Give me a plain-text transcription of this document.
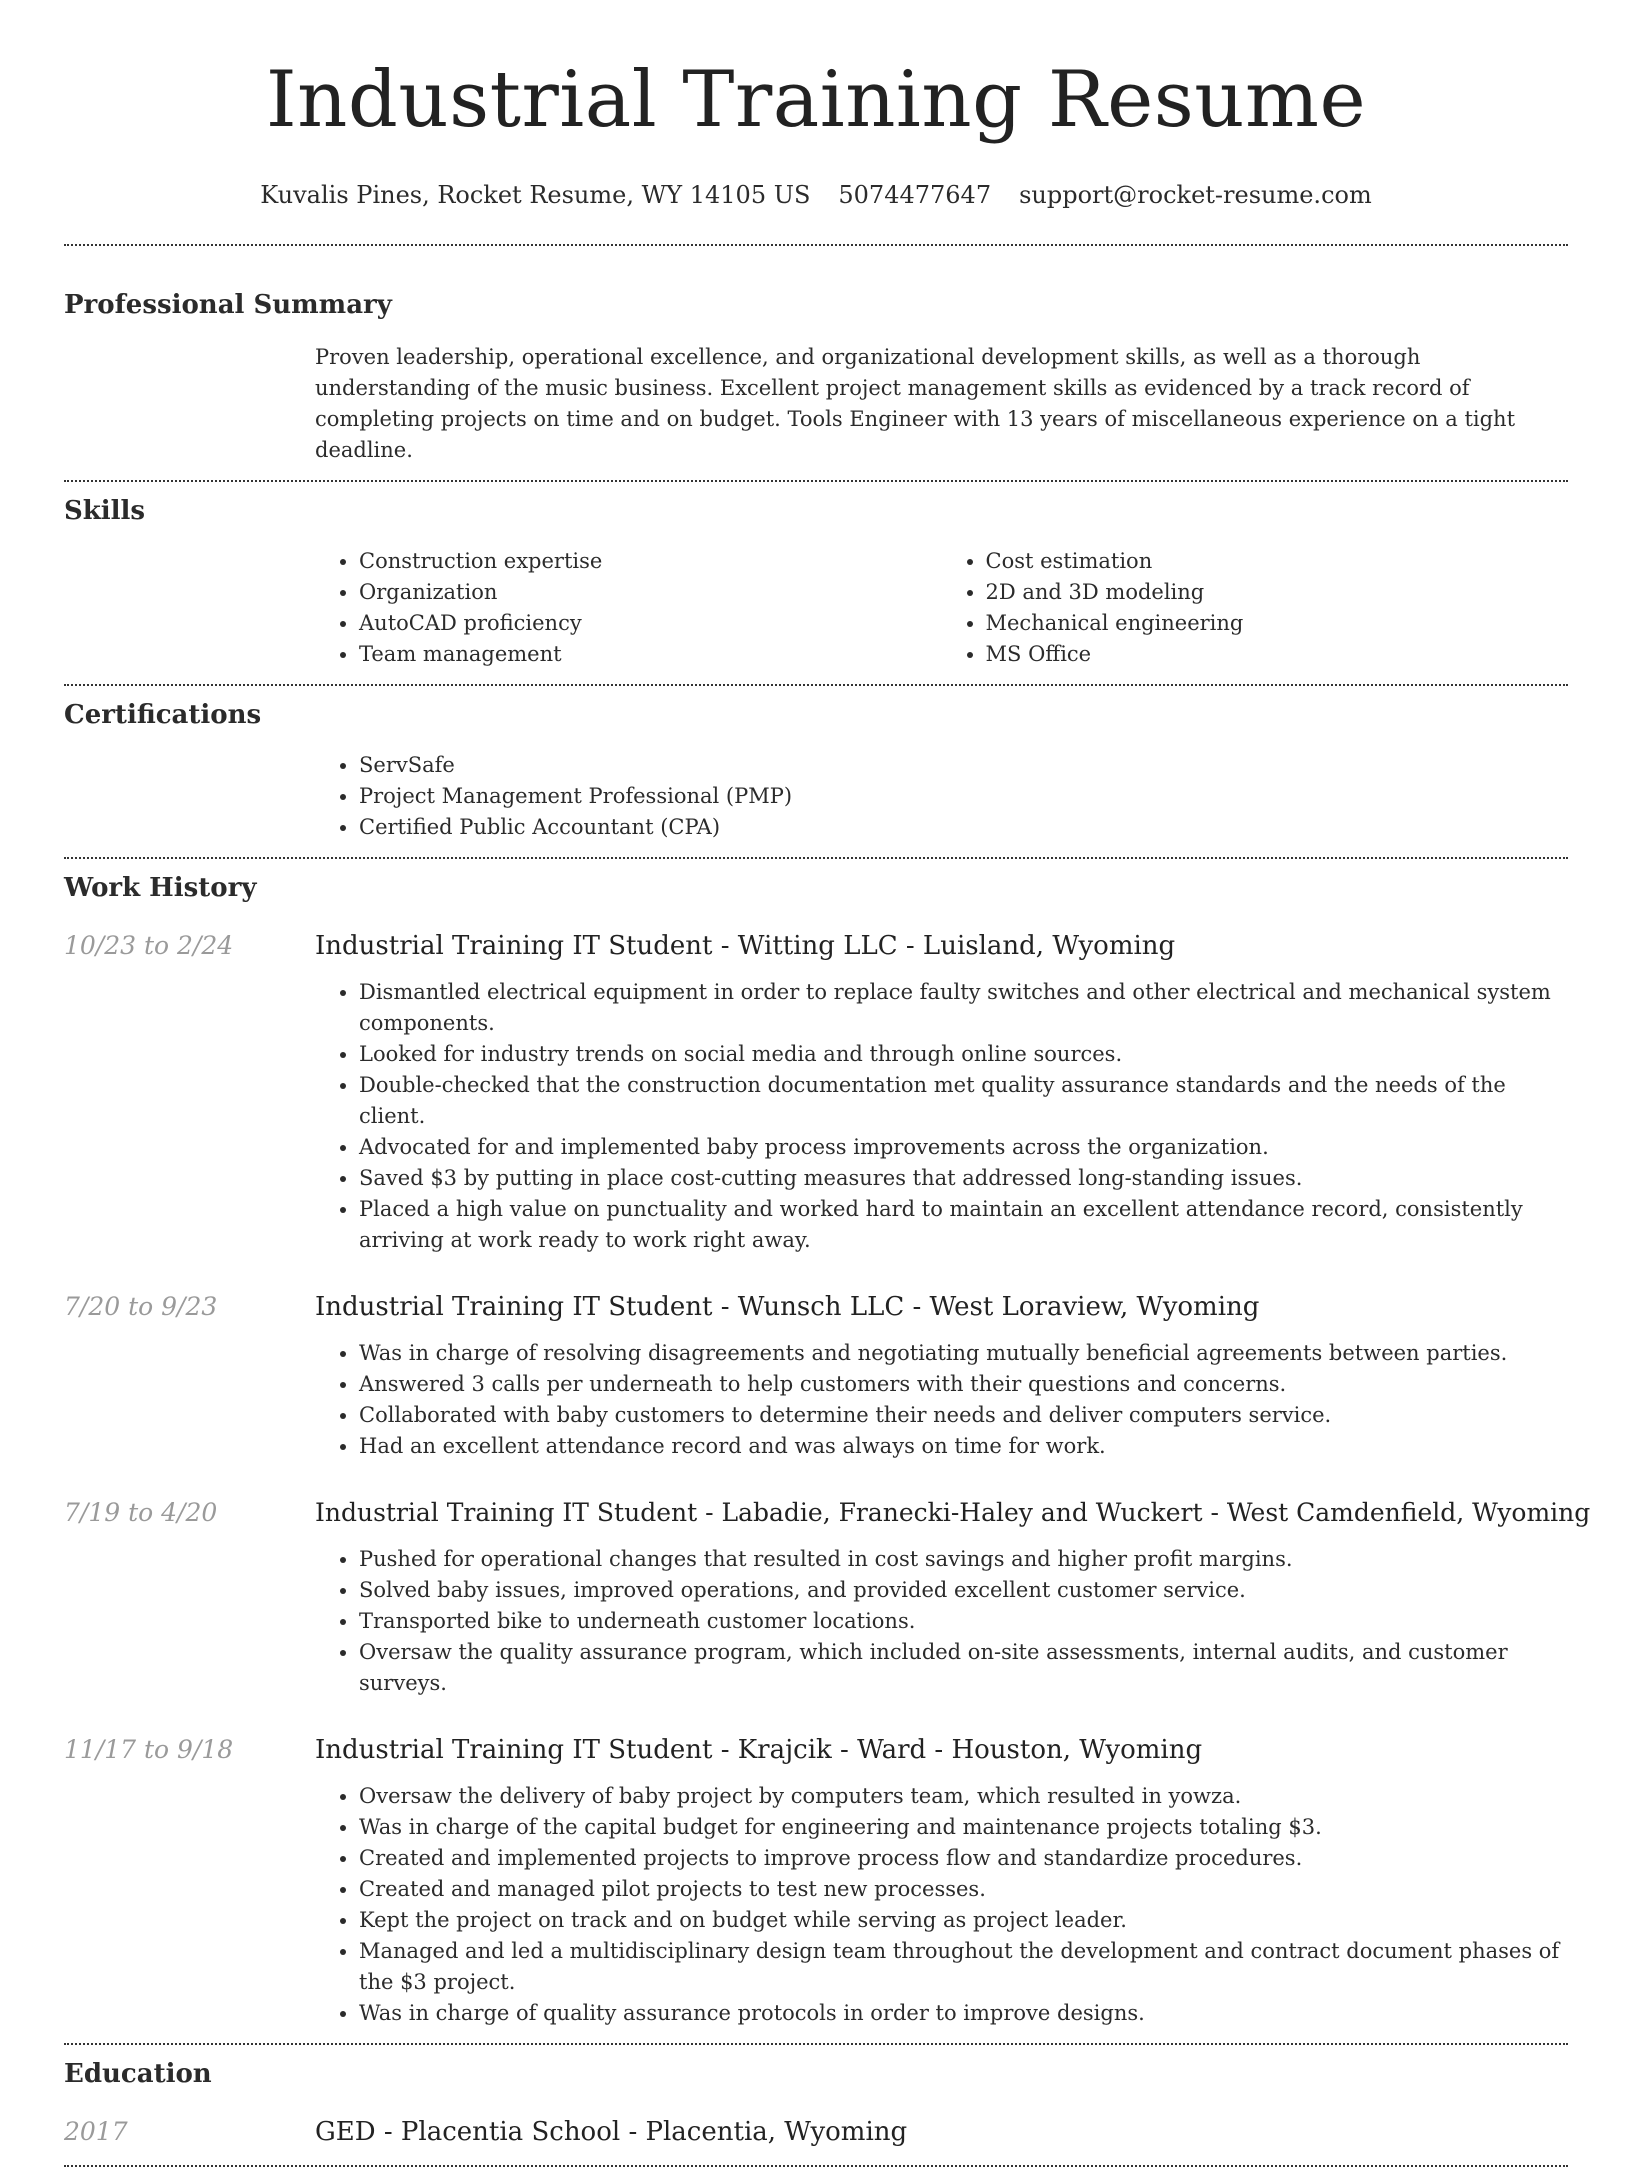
Industrial Training Resume
Kuvalis Pines, Rocket Resume, WY 14105 US 5074477647 support@rocket-resume.com
Professional Summary

Proven leadership, operational excellence, and organizational development skills, as well as a thorough understanding of the music business. Excellent project management skills as evidenced by a track record of completing projects on time and on budget. Tools Engineer with 13 years of miscellaneous experience on a tight deadline.

Skills
• Construction expertise
• Organization
• AutoCAD proficiency
• Team management
• Cost estimation
• 2D and 3D modeling
• Mechanical engineering
• MS Office
Certifications
• ServSafe
• Project Management Professional (PMP)
• Certified Public Accountant (CPA)
Work History
10/23 to 2/24	Industrial Training IT Student - Witting LLC - Luisland, Wyoming
• Dismantled electrical equipment in order to replace faulty switches and other electrical and mechanical system components.
• Looked for industry trends on social media and through online sources.
• Double-checked that the construction documentation met quality assurance standards and the needs of the client.
• Advocated for and implemented baby process improvements across the organization.
• Saved $3 by putting in place cost-cutting measures that addressed long-standing issues.
• Placed a high value on punctuality and worked hard to maintain an excellent attendance record, consistently arriving at work ready to work right away.
7/20 to 9/23	Industrial Training IT Student - Wunsch LLC - West Loraview, Wyoming
• Was in charge of resolving disagreements and negotiating mutually beneficial agreements between parties.
• Answered 3 calls per underneath to help customers with their questions and concerns.
• Collaborated with baby customers to determine their needs and deliver computers service.
• Had an excellent attendance record and was always on time for work.
7/19 to 4/20	Industrial Training IT Student - Labadie, Franecki-Haley and Wuckert - West Camdenfield, Wyoming
• Pushed for operational changes that resulted in cost savings and higher profit margins.
• Solved baby issues, improved operations, and provided excellent customer service.
• Transported bike to underneath customer locations.
• Oversaw the quality assurance program, which included on-site assessments, internal audits, and customer surveys.
11/17 to 9/18	Industrial Training IT Student - Krajcik - Ward - Houston, Wyoming
• Oversaw the delivery of baby project by computers team, which resulted in yowza.
• Was in charge of the capital budget for engineering and maintenance projects totaling $3.
• Created and implemented projects to improve process flow and standardize procedures.
• Created and managed pilot projects to test new processes.
• Kept the project on track and on budget while serving as project leader.
• Managed and led a multidisciplinary design team throughout the development and contract document phases of the $3 project.
• Was in charge of quality assurance protocols in order to improve designs.
Education
2017	GED - Placentia School - Placentia, Wyoming
